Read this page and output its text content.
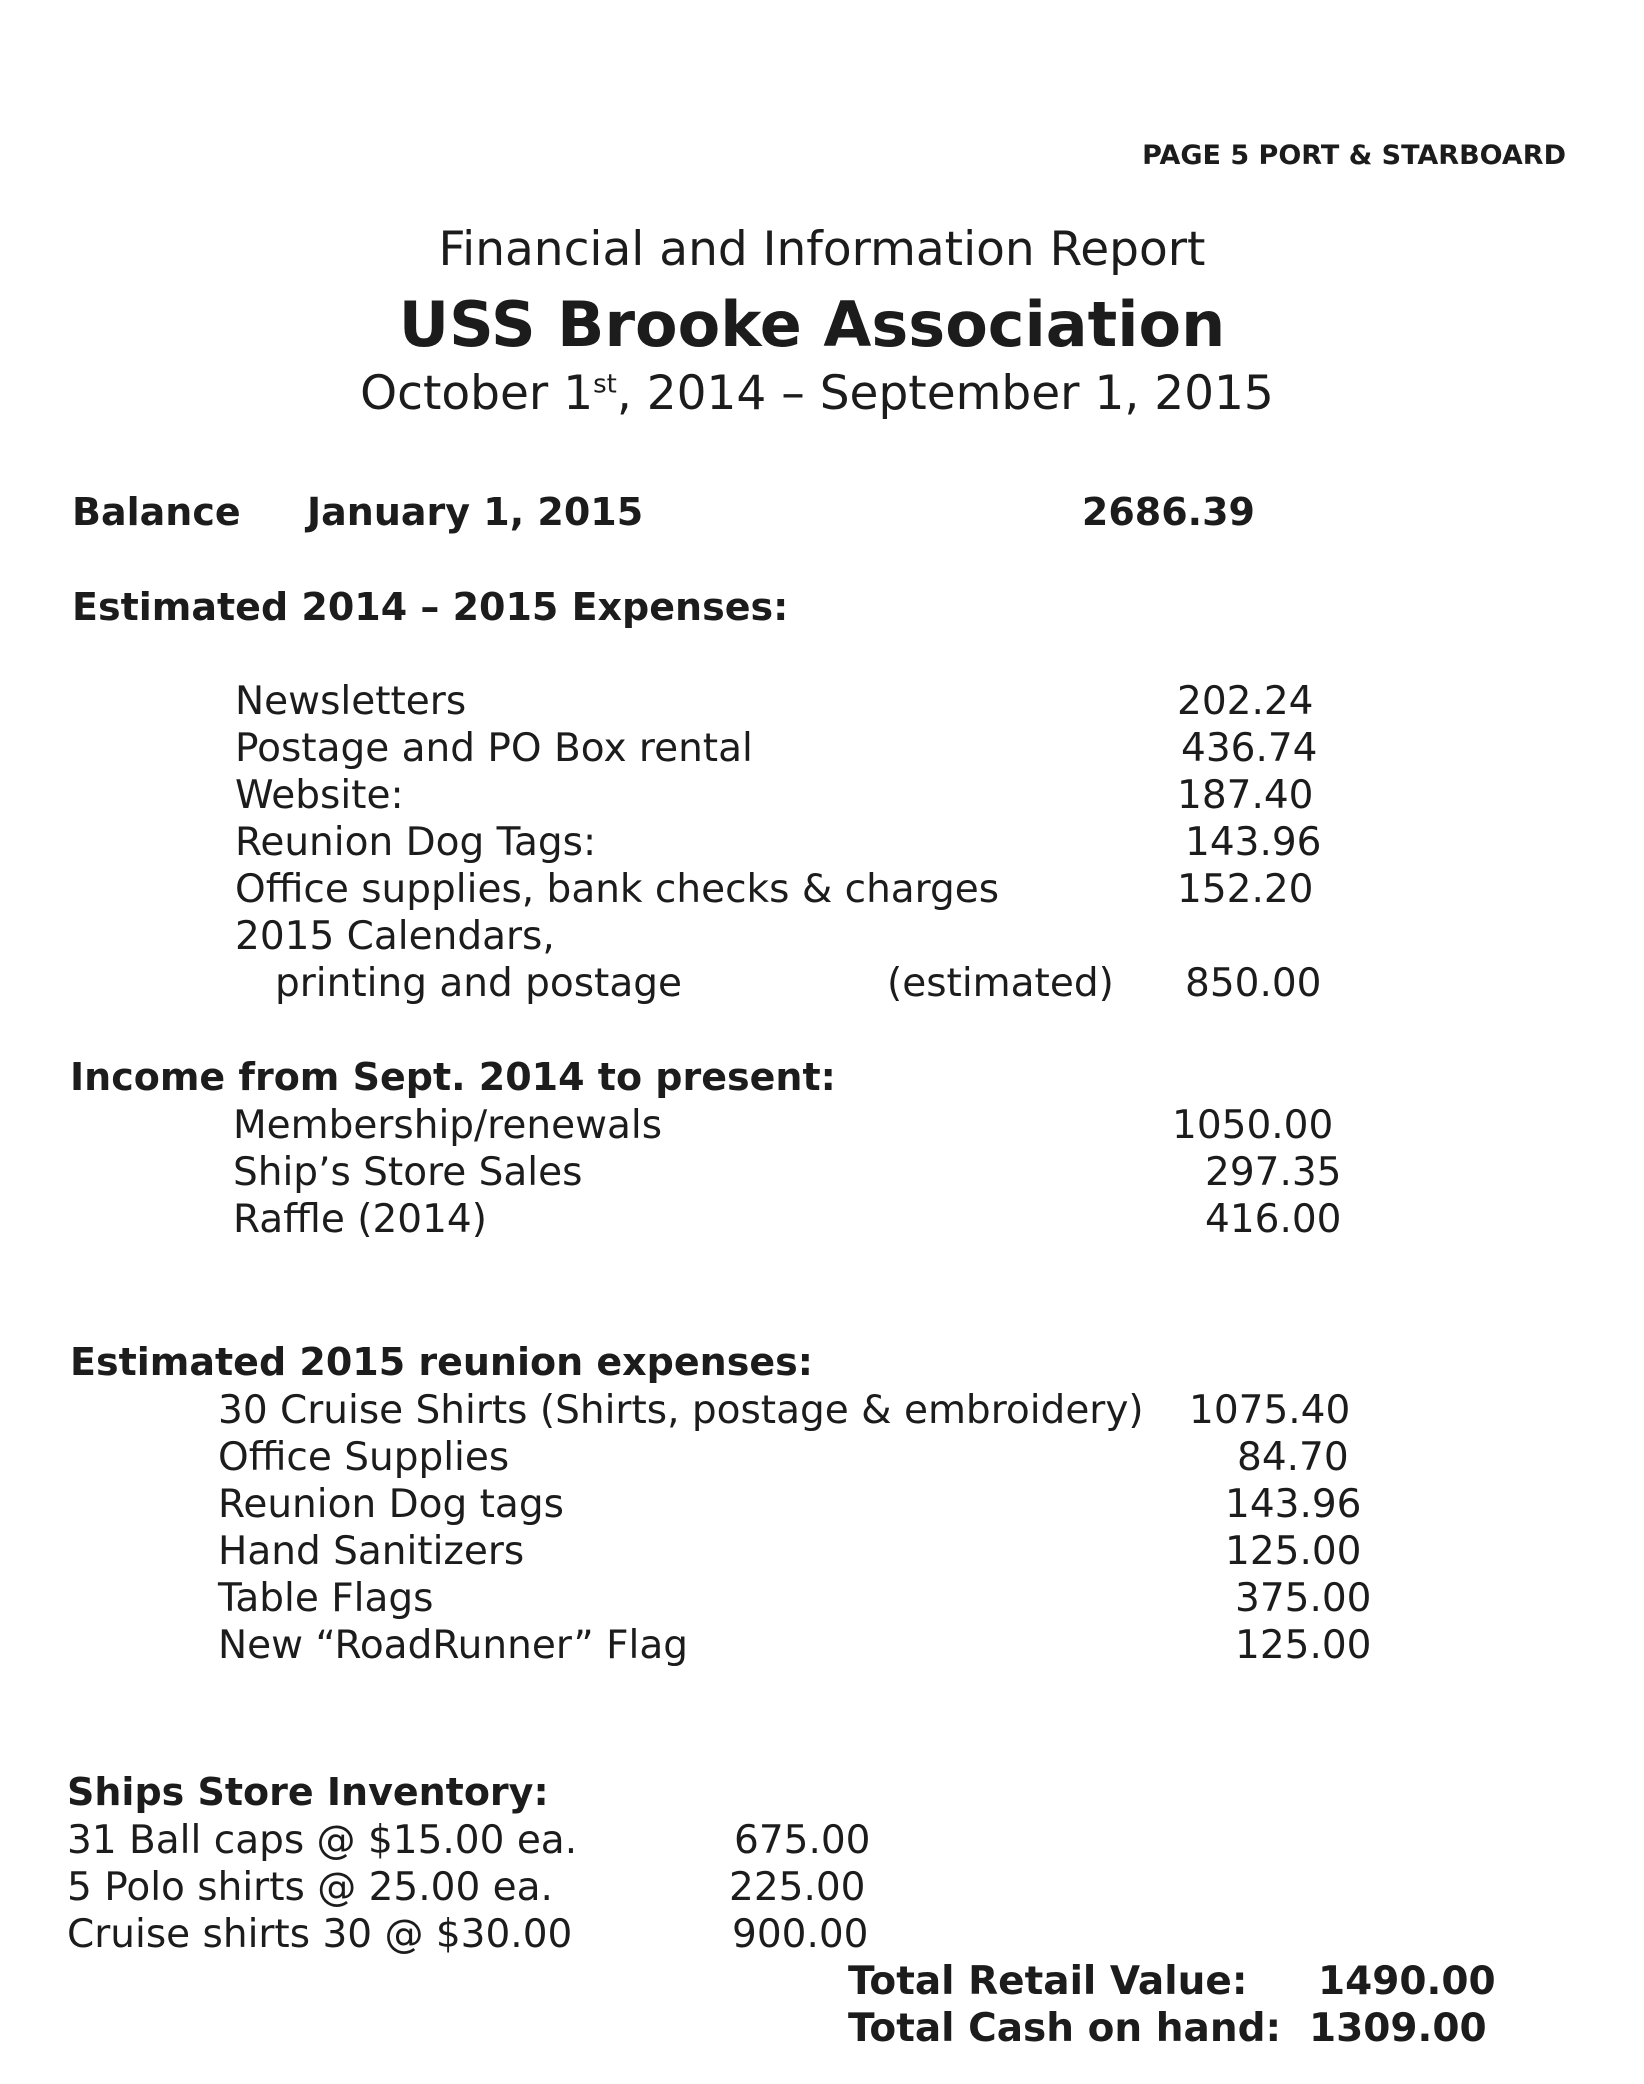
PAGE 5 PORT & STARBOARD
Financial and Information Report
USS Brooke Association
October 1st, 2014 – September 1, 2015
Balance January 1, 2015	2686.39
Estimated 2014 – 2015 Expenses:
Newsletters	202.24
Postage and PO Box rental	436.74
Website:	187.40
Reunion Dog Tags:	143.96
Office supplies, bank checks & charges	152.20
2015 Calendars,
printing and postage	(estimated) 850.00
Income from Sept. 2014 to present:
Membership/renewals	1050.00
Ship’s Store Sales	297.35
Raffle (2014)	416.00
Estimated 2015 reunion expenses:
30 Cruise Shirts (Shirts, postage & embroidery) 1075.40
Office Supplies	84.70
Reunion Dog tags	143.96
Hand Sanitizers	125.00
Table Flags	375.00
New “RoadRunner” Flag	125.00
Ships Store Inventory:
31 Ball caps @ $15.00 ea.	675.00
5 Polo shirts @ 25.00 ea.	225.00
Cruise shirts 30 @ $30.00	900.00
Total Retail Value: 1490.00
Total Cash on hand: 1309.00
